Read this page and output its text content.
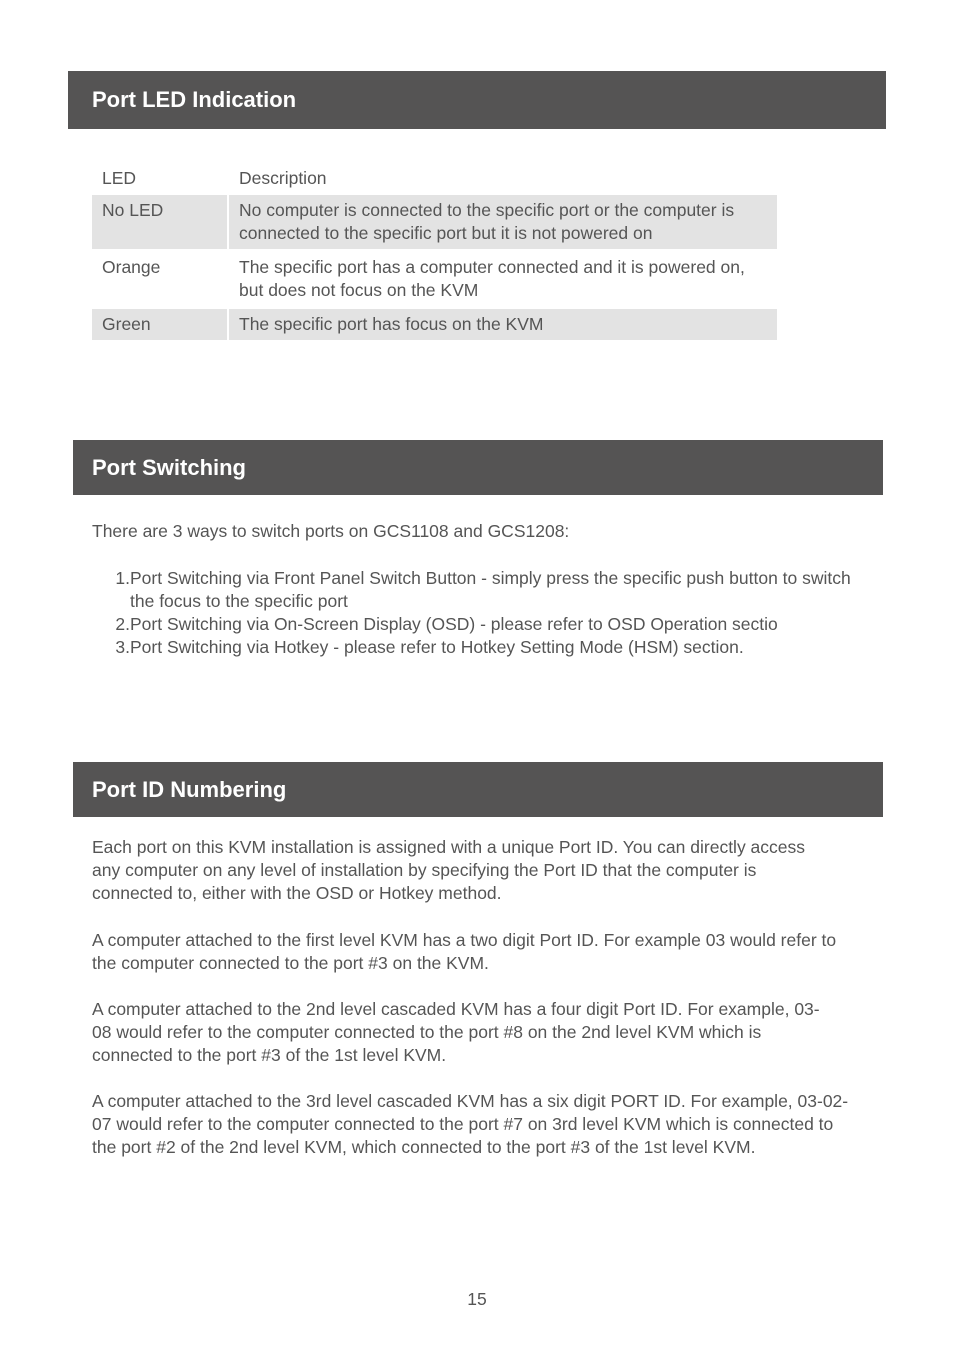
Port LED Indication
LED	Description
No LED	No computer is connected to the specific port or the computer is connected to the specific port but it is not powered on

Orange	The specific port has a computer connected and it is powered on, but does not focus on the KVM

Green	The specific port has focus on the KVM
Port Switching

There are 3 ways to switch ports on GCS1108 and GCS1208:

1. Port Switching via Front Panel Switch Button - simply press the specific push button to switch the focus to the specific port
2. Port Switching via On-Screen Display (OSD) - please refer to OSD Operation sectio
3. Port Switching via Hotkey - please refer to Hotkey Setting Mode (HSM) section.
Port ID Numbering

Each port on this KVM installation is assigned with a unique Port ID. You can directly access any computer on any level of installation by specifying the Port ID that the computer is connected to, either with the OSD or Hotkey method.

A computer attached to the first level KVM has a two digit Port ID. For example 03 would refer to the computer connected to the port #3 on the KVM.

A computer attached to the 2nd level cascaded KVM has a four digit Port ID. For example, 03-08 would refer to the computer connected to the port #8 on the 2nd level KVM which is connected to the port #3 of the 1st level KVM.

A computer attached to the 3rd level cascaded KVM has a six digit PORT ID. For example, 03-02-07 would refer to the computer connected to the port #7 on 3rd level KVM which is connected to the port #2 of the 2nd level KVM, which connected to the port #3 of the 1st level KVM.

15
